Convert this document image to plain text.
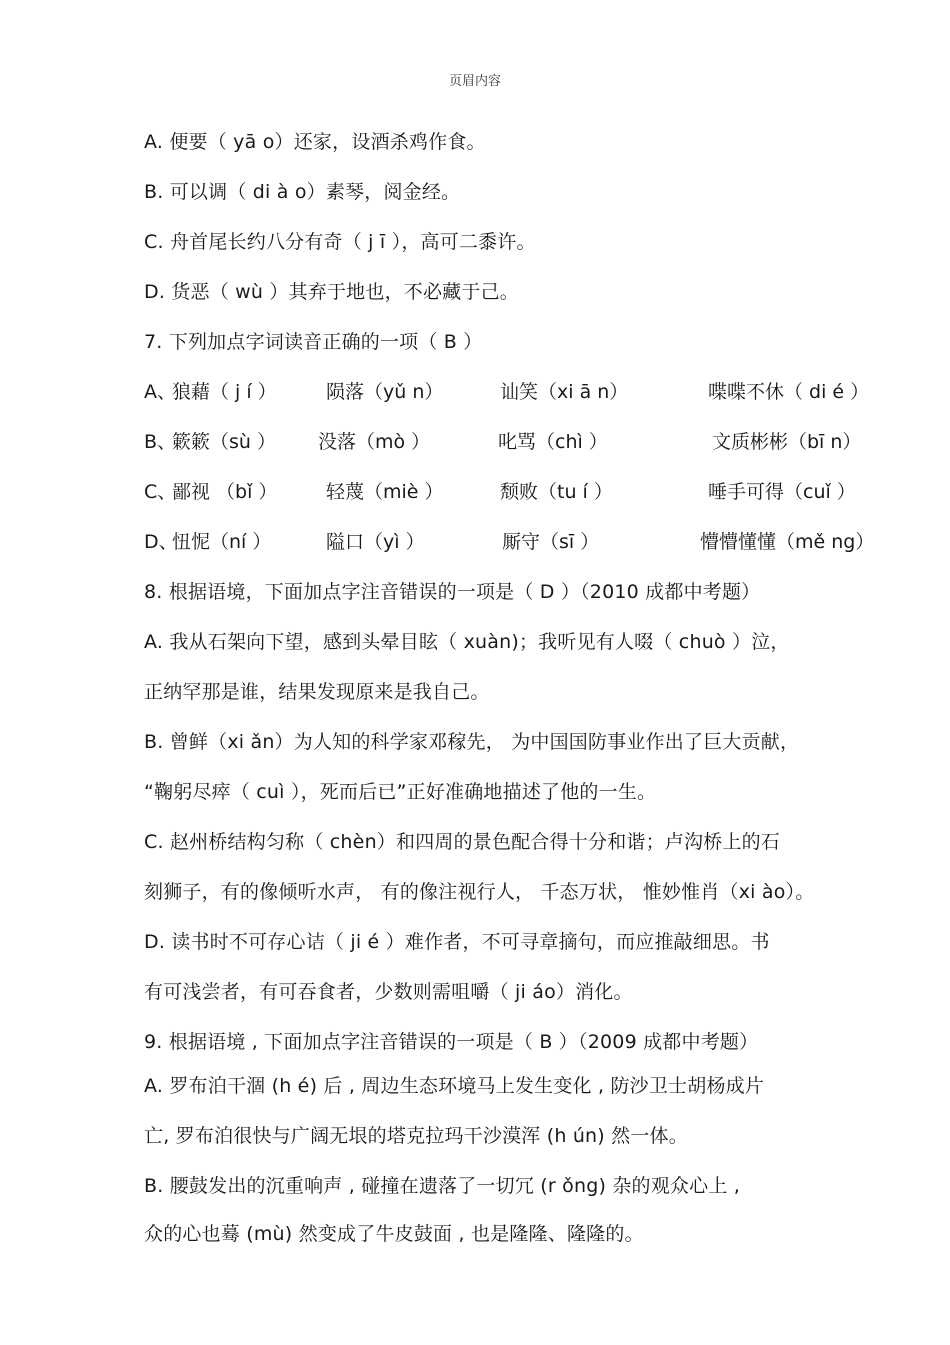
页眉内容
A. 便要（ yā o）还家，设酒杀鸡作食。
B. 可以调（ di à o）素琴，阅金经。
C. 舟首尾长约八分有奇（ j ī ），高可二黍许。
D. 货恶（ wù ）其弃于地也，不必藏于己。
7. 下列加点字词读音正确的一项（ B ）
A、
狼藉（ j í ）	陨落（yǔ n）	讪笑（xi ā n）	喋喋不休（ di é ）
B、
簌簌（sù ） 没落（mò ）	叱骂（chì ）	文质彬彬（bī n）
C、
鄙视 （bǐ ）	轻蔑（miè ）	颓败（tu í ）	唾手可得（cuǐ ）
D、
忸怩（ní ）	隘口（yì ）	厮守（sī ）	懵懵懂懂（mě ng）
8. 根据语境，下面加点字注音错误的一项是（ D ）（2010 成都中考题）
A. 我从石架向下望，感到头晕目眩（ xuàn)；我听见有人啜（ chuò ）泣，
正纳罕那是谁，结果发现原来是我自己。
B. 曾鲜（xi ǎn）为人知的科学家邓稼先， 为中国国防事业作出了巨大贡献，
“鞠躬尽瘁（ cuì ），死而后已”正好准确地描述了他的一生。
C. 赵州桥结构匀称（ chèn）和四周的景色配合得十分和谐；卢沟桥上的石
刻狮子，有的像倾听水声， 有的像注视行人， 千态万状， 惟妙惟肖（xi ào）。
D. 读书时不可存心诘（ ji é ）难作者，不可寻章摘句，而应推敲细思。书
有可浅尝者，有可吞食者，少数则需咀嚼（ ji áo）消化。
9. 根据语境 , 下面加点字注音错误的一项是（ B ）（2009 成都中考题）
A. 罗布泊干涸 (h é) 后 , 周边生态环境马上发生变化 , 防沙卫士胡杨成片
亡, 罗布泊很快与广阔无垠的塔克拉玛干沙漠浑 (h ún) 然一体。
B. 腰鼓发出的沉重响声 , 碰撞在遗落了一切冗 (r ǒng) 杂的观众心上 ,
众的心也蓦 (mù) 然变成了牛皮鼓面 , 也是隆隆、隆隆的。
